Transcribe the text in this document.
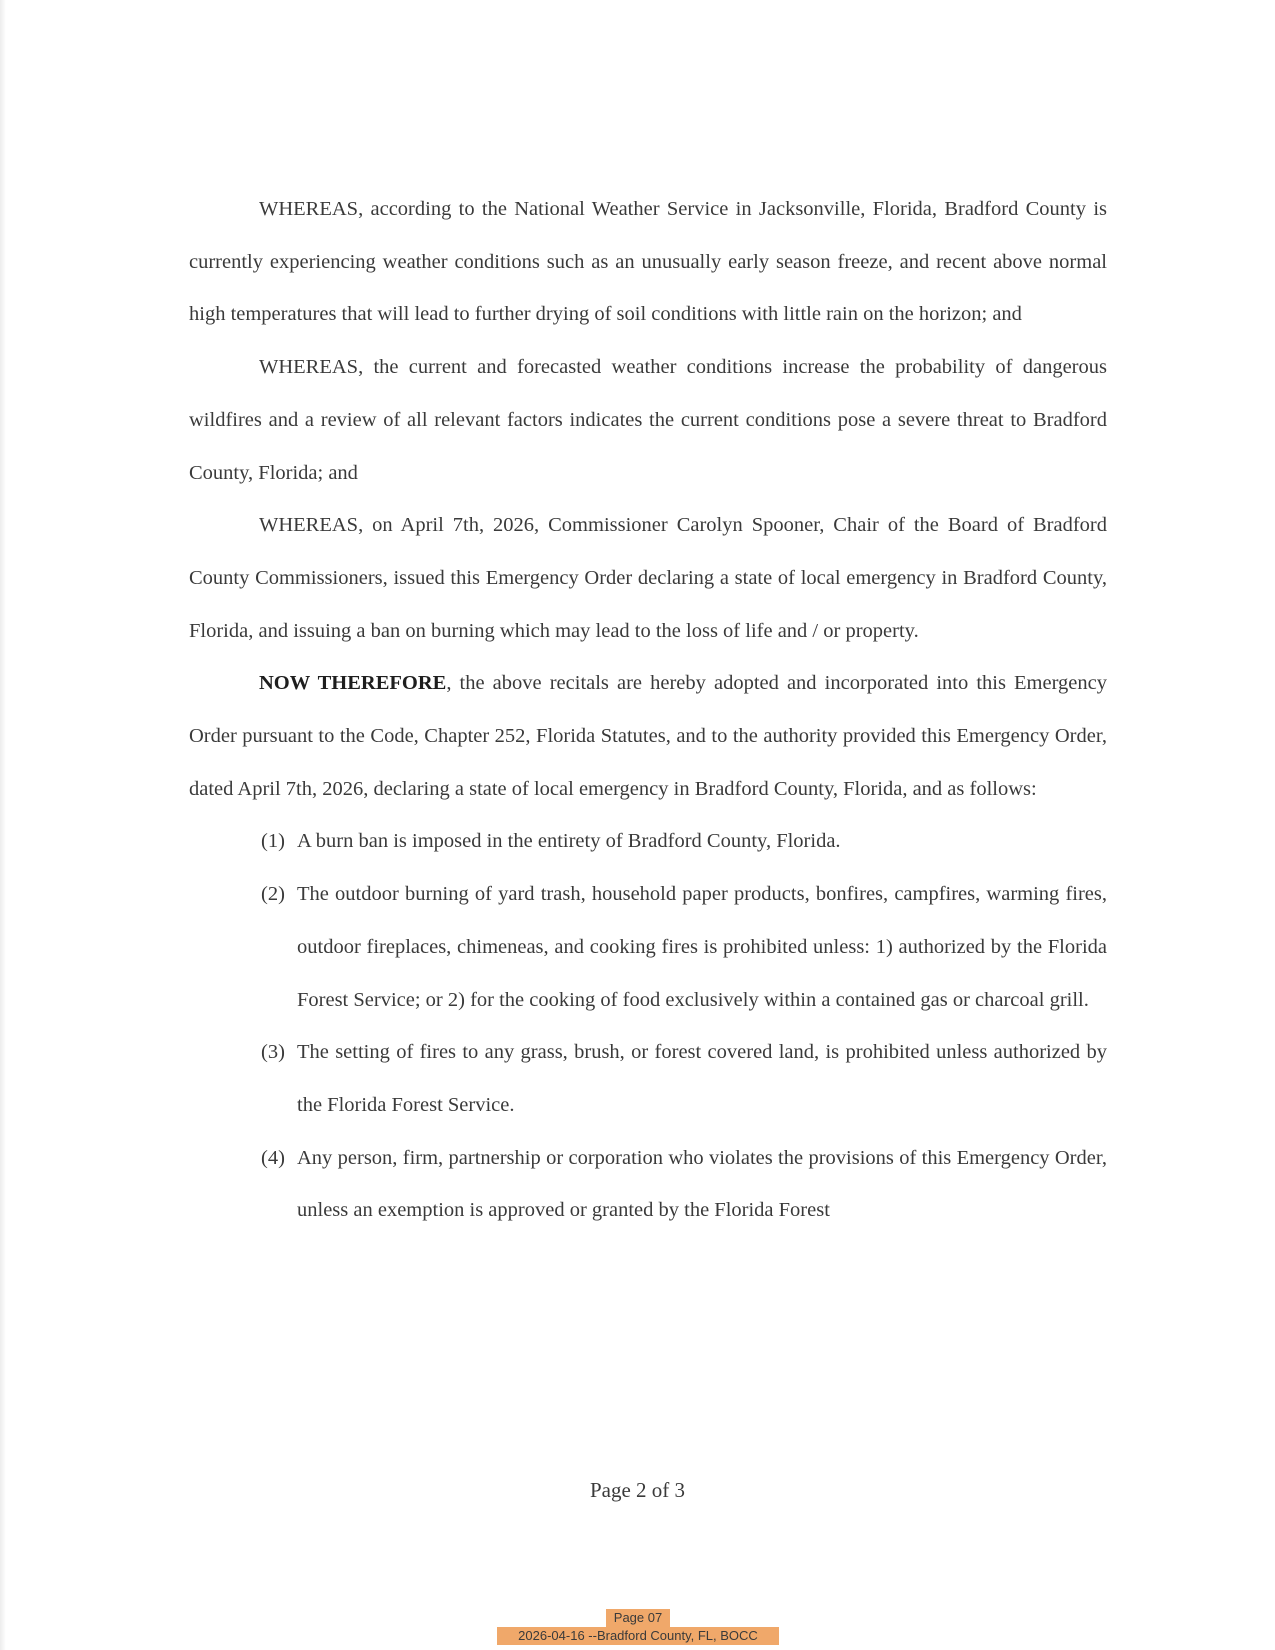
WHEREAS, according to the National Weather Service in Jacksonville, Florida, Bradford County is currently experiencing weather conditions such as an unusually early season freeze, and recent above normal high temperatures that will lead to further drying of soil conditions with little rain on the horizon; and

WHEREAS, the current and forecasted weather conditions increase the probability of dangerous wildfires and a review of all relevant factors indicates the current conditions pose a severe threat to Bradford County, Florida; and

WHEREAS, on April 7th, 2026, Commissioner Carolyn Spooner, Chair of the Board of Bradford County Commissioners, issued this Emergency Order declaring a state of local emergency in Bradford County, Florida, and issuing a ban on burning which may lead to the loss of life and / or property.

NOW THEREFORE, the above recitals are hereby adopted and incorporated into this Emergency Order pursuant to the Code, Chapter 252, Florida Statutes, and to the authority provided this Emergency Order, dated April 7th, 2026, declaring a state of local emergency in Bradford County, Florida, and as follows:

(1) A burn ban is imposed in the entirety of Bradford County, Florida.

(2) The outdoor burning of yard trash, household paper products, bonfires, campfires, warming fires, outdoor fireplaces, chimeneas, and cooking fires is prohibited unless: 1) authorized by the Florida Forest Service; or 2) for the cooking of food exclusively within a contained gas or charcoal grill.

(3) The setting of fires to any grass, brush, or forest covered land, is prohibited unless authorized by the Florida Forest Service.

(4) Any person, firm, partnership or corporation who violates the provisions of this Emergency Order, unless an exemption is approved or granted by the Florida Forest

Page 2 of 3
Page 07
2026-04-16 --Bradford County, FL, BOCC
